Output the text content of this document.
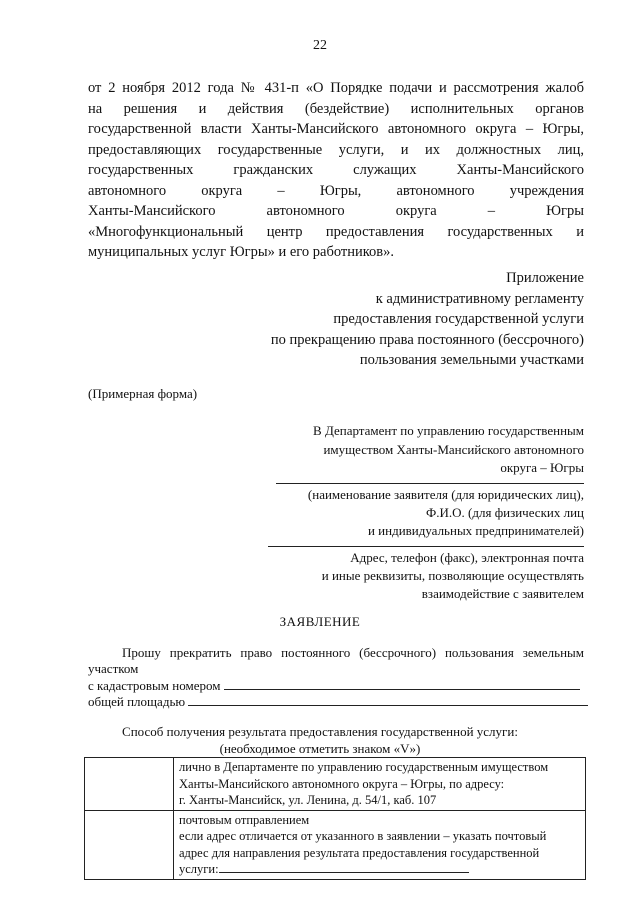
22
от 2 ноября 2012 года № 431-п «О Порядке подачи и рассмотрения жалоб
на решения и действия (бездействие) исполнительных органов
государственной власти Ханты-Мансийского автономного округа – Югры,
предоставляющих государственные услуги, и их должностных лиц,
государственных гражданских служащих Ханты-Мансийского
автономного округа – Югры, автономного учреждения
Ханты-Мансийского автономного округа – Югры
«Многофункциональный центр предоставления государственных и
муниципальных услуг Югры» и его работников».
Приложение
к административному регламенту
предоставления государственной услуги
по прекращению права постоянного (бессрочного)
пользования земельными участками
(Примерная форма)
В Департамент по управлению государственным
имуществом Ханты-Мансийского автономного
округа – Югры
(наименование заявителя (для юридических лиц),
Ф.И.О. (для физических лиц
и индивидуальных предпринимателей)
Адрес, телефон (факс), электронная почта
и иные реквизиты, позволяющие осуществлять
взаимодействие с заявителем
ЗАЯВЛЕНИЕ
Прошу прекратить право постоянного (бессрочного) пользования земельным
участком
с кадастровым номером
общей площадью
Способ получения результата предоставления государственной услуги:
(необходимое отметить знаком «V»)

	лично в Департаменте по управлению государственным имуществом
Ханты-Мансийского автономного округа – Югры, по адресу:
г. Ханты-Мансийск, ул. Ленина, д. 54/1, каб. 107

	почтовым отправлением
если адрес отличается от указанного в заявлении – указать почтовый
адрес для направления результата предоставления государственной
услуги:
